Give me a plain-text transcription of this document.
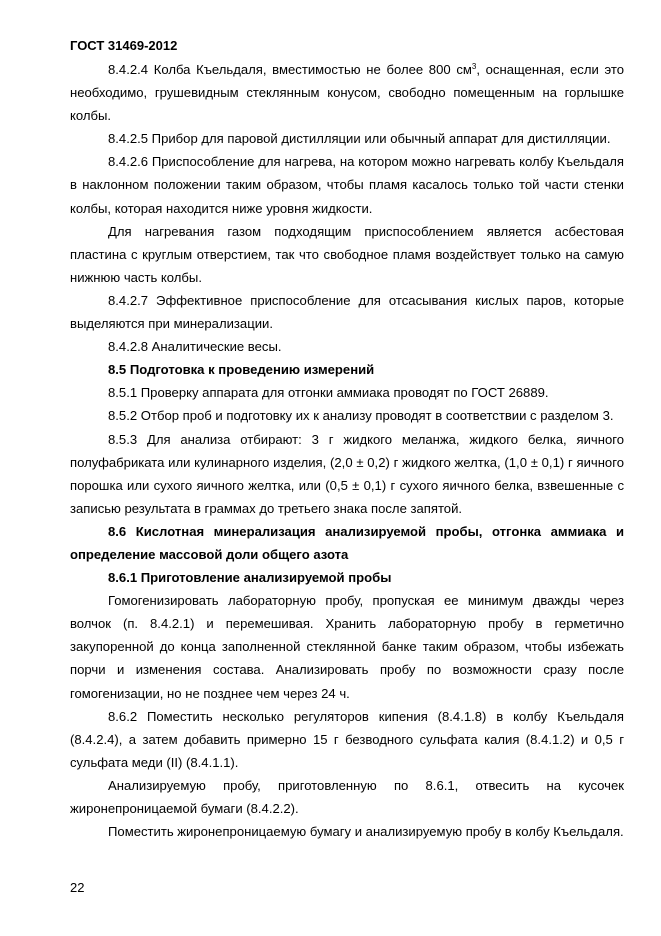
ГОСТ 31469-2012

8.4.2.4 Колба Къельдаля, вместимостью не более 800 $см^3$, оснащенная, если это необходимо, грушевидным стеклянным конусом, свободно помещенным на горлышке колбы.

8.4.2.5 Прибор для паровой дистилляции или обычный аппарат для дистилляции.

8.4.2.6 Приспособление для нагрева, на котором можно нагревать колбу Къельдаля в наклонном положении таким образом, чтобы пламя касалось только той части стенки колбы, которая находится ниже уровня жидкости.

Для нагревания газом подходящим приспособлением является асбестовая пластина с круглым отверстием, так что свободное пламя воздействует только на самую нижнюю часть колбы.

8.4.2.7 Эффективное приспособление для отсасывания кислых паров, которые выделяются при минерализации.

8.4.2.8 Аналитические весы.

8.5 Подготовка к проведению измерений

8.5.1 Проверку аппарата для отгонки аммиака проводят по ГОСТ 26889.

8.5.2 Отбор проб и подготовку их к анализу проводят в соответствии с разделом 3.

8.5.3 Для анализа отбирают: 3 г жидкого меланжа, жидкого белка, яичного полуфабриката или кулинарного изделия, (2,0 ± 0,2) г жидкого желтка, (1,0 ± 0,1) г яичного порошка или сухого яичного желтка, или (0,5 ± 0,1) г сухого яичного белка, взвешенные с записью результата в граммах до третьего знака после запятой.

8.6 Кислотная минерализация анализируемой пробы, отгонка аммиака и определение массовой доли общего азота

8.6.1 Приготовление анализируемой пробы

Гомогенизировать лабораторную пробу, пропуская ее минимум дважды через волчок (п. 8.4.2.1) и перемешивая. Хранить лабораторную пробу в герметично закупоренной до конца заполненной стеклянной банке таким образом, чтобы избежать порчи и изменения состава. Анализировать пробу по возможности сразу после гомогенизации, но не позднее чем через 24 ч.

8.6.2 Поместить несколько регуляторов кипения (8.4.1.8) в колбу Къельдаля (8.4.2.4), а затем добавить примерно 15 г безводного сульфата калия (8.4.1.2) и 0,5 г сульфата меди (II) (8.4.1.1).

Анализируемую пробу, приготовленную по 8.6.1, отвесить на кусочек жиронепроницаемой бумаги (8.4.2.2).

Поместить жиронепроницаемую бумагу и анализируемую пробу в колбу Къельдаля.

22
